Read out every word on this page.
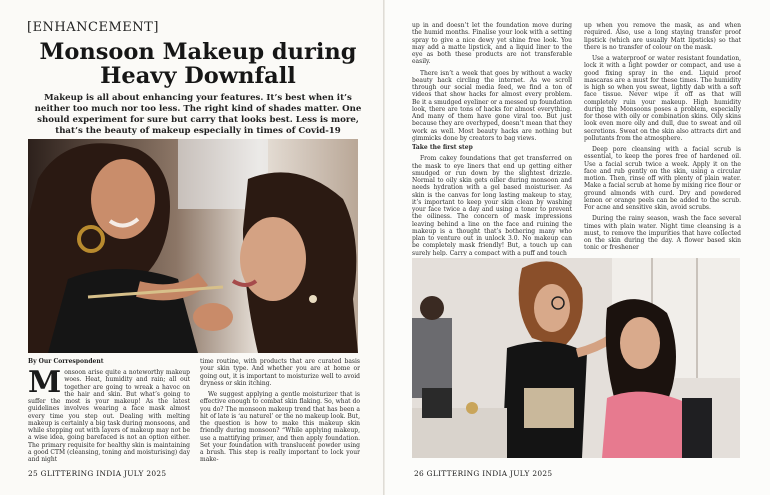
[ENHANCEMENT]
Monsoon Makeup during
Heavy Downfall
Makeup is all about enhancing your features. It’s best when it’s neither too much nor too less. The right kind of shades matter. One should experiment for sure but carry that looks best. Less is more, that’s the beauty of makeup especially in times of Covid-19
By Our Correspondent

Monsoon arise quite a noteworthy makeup woes. Heat, humidity and rain; all out together are going to wreak a havoc on the hair and skin. But what’s going to suffer the most is your makeup! As the latest guidelines involves wearing a face mask almost every time you step out. Dealing with melting makeup is certainly a big task during monsoons, and while stepping out with layers of makeup may not be a wise idea, going barefaced is not an option either. The primary requisite for healthy skin is maintaining a good CTM (cleansing, toning and moisturising) day and night

time routine, with products that are curated basis your skin type. And whether you are at home or going out, it is important to moisturize well to avoid dryness or skin itching.

We suggest applying a gentle moisturizer that is effective enough to combat skin flaking. So, what do you do? The monsoon makeup trend that has been a hit of late is ‘au naturel’ or the no makeup look. But, the question is how to make this makeup skin friendly during monsoon? “While applying makeup, use a mattifying primer, and then apply foundation. Set your foundation with translucent powder using a brush. This step is really important to lock your make-

25 GLITTERING INDIA JULY 2025

up in and doesn’t let the foundation move during the humid months. Finalise your look with a setting spray to give a nice dewy yet shine free look. You may add a matte lipstick, and a liquid liner to the eye as both these products are not transferable easily.

There isn’t a week that goes by without a wacky beauty hack circling the internet. As we scroll through our social media feed, we find a ton of videos that show hacks for almost every problem. Be it a smudged eyeliner or a messed up foundation look, there are tons of hacks for almost everything. And many of them have gone viral too. But just because they are overhyped, doesn’t mean that they work as well. Most beauty hacks are nothing but gimmicks done by creators to bag views.

Take the first step

From cakey foundations that get transferred on the mask to eye liners that end up getting either smudged or run down by the slightest drizzle. Normal to oily skin gets oilier during monsoon and needs hydration with a gel based moisturiser. As skin is the canvas for long lasting makeup to stay, it’s important to keep your skin clean by washing your face twice a day and using a toner to prevent the oiliness. The concern of mask impressions leaving behind a line on the face and ruining the makeup is a thought that’s bothering many who plan to venture out in unlock 3.0. No makeup can be completely mask friendly! But, a touch up can surely help. Carry a compact with a puff and touch

up when you remove the mask, as and when required. Also, use a long staying transfer proof lipstick (which are usually Matt lipsticks) so that there is no transfer of colour on the mask.

Use a waterproof or water resistant foundation, lock it with a light powder or compact, and use a good fixing spray in the end. Liquid proof mascaras are a must for these times. The humidity is high so when you sweat, lightly dab with a soft face tissue. Never wipe it off as that will completely ruin your makeup. High humidity during the Monsoons poses a problem, especially for those with oily or combination skins. Oily skins look even more oily and dull, due to sweat and oil secretions. Sweat on the skin also attracts dirt and pollutants from the atmosphere.

Deep pore cleansing with a facial scrub is essential, to keep the pores free of hardened oil. Use a facial scrub twice a week. Apply it on the face and rub gently on the skin, using a circular motion. Then, rinse off with plenty of plain water. Make a facial scrub at home by mixing rice flour or ground almonds with curd. Dry and powdered lemon or orange peels can be added to the scrub. For acne and sensitive skin, avoid scrubs.

During the rainy season, wash the face several times with plain water. Night time cleansing is a must, to remove the impurities that have collected on the skin during the day. A flower based skin tonic or freshener

26 GLITTERING INDIA JULY 2025
